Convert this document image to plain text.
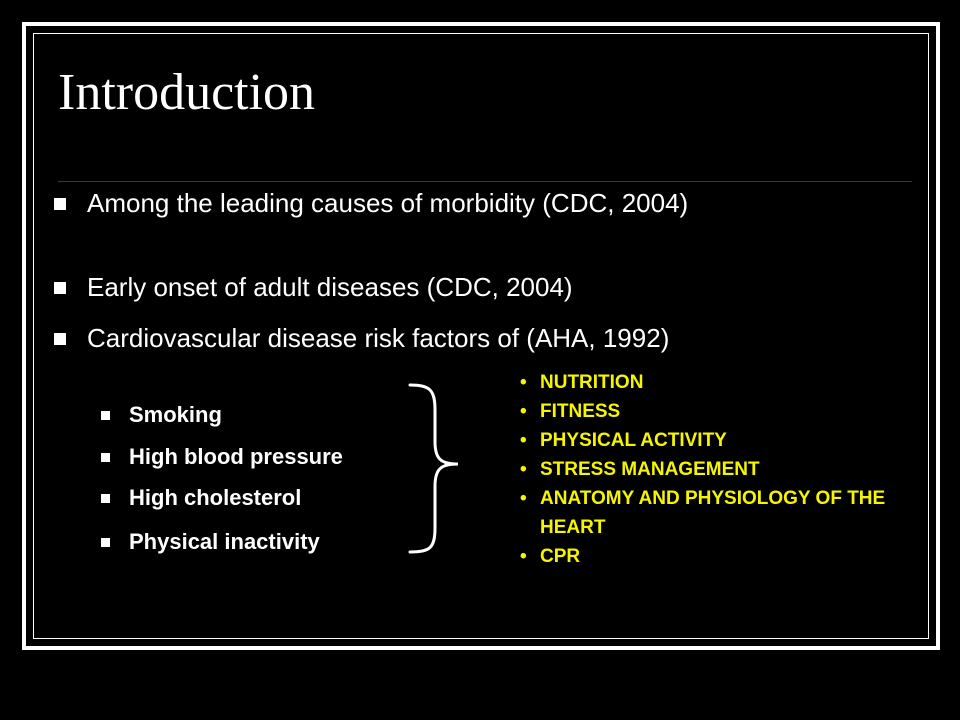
Introduction
Among the leading causes of morbidity (CDC, 2004)
Early onset of adult diseases (CDC, 2004)
Cardiovascular disease risk factors of (AHA, 1992)
Smoking
High blood pressure
High cholesterol
Physical inactivity
• NUTRITION
• FITNESS
• PHYSICAL ACTIVITY
• STRESS MANAGEMENT
• ANATOMY AND PHYSIOLOGY OF THE HEART
• CPR
